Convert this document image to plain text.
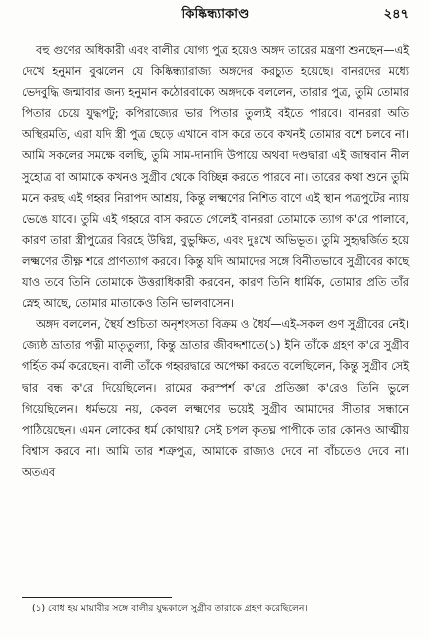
কিষ্কিন্ধ্যাকাণ্ড	২৪৭

বহু গুণের অধিকারী এবং বালীর যোগ্য পুত্র হয়েও অঙ্গদ তারের মন্ত্রণা শুনছেন—এই দেখে হনুমান বুঝলেন যে কিষ্কিন্ধ্যারাজ্য অঙ্গদের করচ্যুত হয়েছে। বানরদের মধ্যে ভেদবুদ্ধি জন্মাবার জন্য হনুমান কঠোরবাক্যে অঙ্গদকে বললেন, তারার পুত্র, তুমি তোমার পিতার চেয়ে যুদ্ধপটু; কপিরাজ্যের ভার পিতার তুল্যই বইতে পারবে। বানররা অতি অস্থিরমতি, এরা যদি স্ত্রী পুত্র ছেড়ে এখানে বাস করে তবে কখনই তোমার বশে চলবে না। আমি সকলের সমক্ষে বলছি, তুমি সাম-দানাদি উপায়ে অথবা দণ্ডদ্বারা এই জাম্ববান নীল সুহোত্র বা আমাকে কখনও সুগ্রীব থেকে বিচ্ছিন্ন করতে পারবে না। তারের কথা শুনে তুমি মনে করছ এই গহ্বর নিরাপদ আশ্রয়, কিন্তু লক্ষ্মণের নিশিত বাণে এই স্থান পত্রপুটের ন্যায় ভেঙে যাবে। তুমি এই গহ্বরে বাস করতে গেলেই বানররা তোমাকে ত্যাগ ক'রে পালাবে, কারণ তারা স্ত্রীপুত্রের বিরহে উদ্বিগ্ন, বুভুক্ষিত, এবং দুঃখে অভিভূত। তুমি সুহৃদ্বর্জিত হয়ে লক্ষ্মণের তীক্ষ্ণ শরে প্রাণত্যাগ করবে। কিন্তু যদি আমাদের সঙ্গে বিনীতভাবে সুগ্রীবের কাছে যাও তবে তিনি তোমাকে উত্তরাধিকারী করবেন, কারণ তিনি ধার্মিক, তোমার প্রতি তাঁর স্নেহ আছে, তোমার মাতাকেও তিনি ভালবাসেন।

অঙ্গদ বললেন, স্থৈর্য শুচিতা অনৃশংসতা বিক্রম ও ধৈর্য—এই-সকল গুণ সুগ্রীবের নেই। জ্যেষ্ঠ ভ্রাতার পত্নী মাতৃতুল্যা, কিন্তু ভ্রাতার জীবদ্দশাতে(১) ইনি তাঁকে গ্রহণ ক'রে সুগ্রীব গর্হিত কর্ম করেছেন। বালী তাঁকে গহ্বরদ্বারে অপেক্ষা করতে বলেছিলেন, কিন্তু সুগ্রীব সেই দ্বার বন্ধ ক'রে দিয়েছিলেন। রামের করস্পর্শ ক'রে প্রতিজ্ঞা ক'রেও তিনি ভুলে গিয়েছিলেন। ধর্মভয়ে নয়, কেবল লক্ষ্মণের ভয়েই সুগ্রীব আমাদের সীতার সন্ধানে পাঠিয়েছেন। এমন লোকের ধর্ম কোথায়? সেই চপল কৃতঘ্ন পাপীকে তার কোনও আত্মীয় বিশ্বাস করবে না। আমি তার শত্রুপুত্র, আমাকে রাজ্যও দেবে না বাঁচতেও দেবে না। অতএব

(১) বোধ হয় মায়াবীর সঙ্গে বালীর যুদ্ধকালে সুগ্রীব তারাকে গ্রহণ করেছিলেন।
